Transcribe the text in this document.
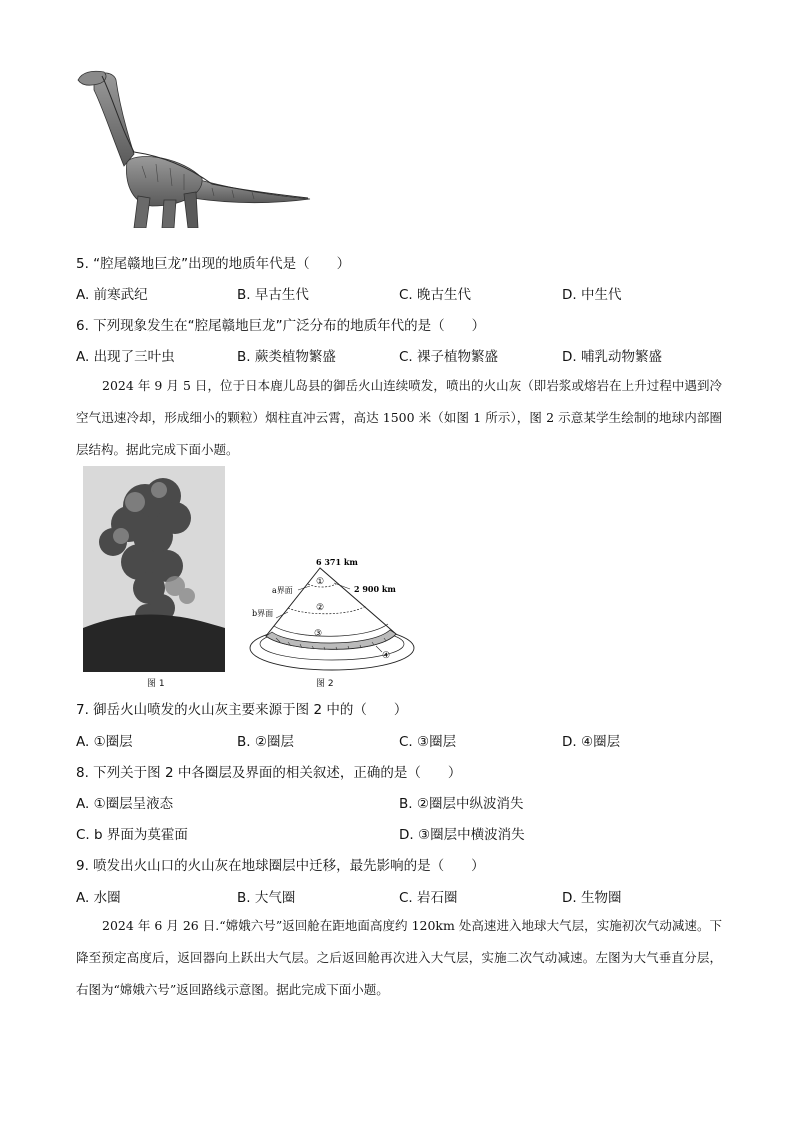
5. “腔尾赣地巨龙”出现的地质年代是（　　）
A. 前寒武纪	B. 早古生代	C. 晚古生代	D. 中生代
6. 下列现象发生在“腔尾赣地巨龙”广泛分布的地质年代的是（　　）
A. 出现了三叶虫	B. 蕨类植物繁盛	C. 裸子植物繁盛	D. 哺乳动物繁盛
2024 年 9 月 5 日，位于日本鹿儿岛县的御岳火山连续喷发，喷出的火山灰（即岩浆或熔岩在上升过程中遇到冷空气迅速冷却，形成细小的颗粒）烟柱直冲云霄，高达 1500 米（如图 1 所示），图 2 示意某学生绘制的地球内部圈层结构。据此完成下面小题。
图 1
6 371 km
2 900 km
a界面
b界面
①
②
③
④
图 2
7. 御岳火山喷发的火山灰主要来源于图 2 中的（　　）
A. ①圈层	B. ②圈层	C. ③圈层	D. ④圈层
8. 下列关于图 2 中各圈层及界面的相关叙述，正确的是（　　）
A. ①圈层呈液态	B. ②圈层中纵波消失
C. b 界面为莫霍面	D. ③圈层中横波消失
9. 喷发出火山口的火山灰在地球圈层中迁移，最先影响的是（　　）
A. 水圈	B. 大气圈	C. 岩石圈	D. 生物圈
2024 年 6 月 26 日.“嫦娥六号”返回舱在距地面高度约 120km 处高速进入地球大气层，实施初次气动减速。下降至预定高度后，返回器向上跃出大气层。之后返回舱再次进入大气层，实施二次气动减速。左图为大气垂直分层，右图为“嫦娥六号”返回路线示意图。据此完成下面小题。
